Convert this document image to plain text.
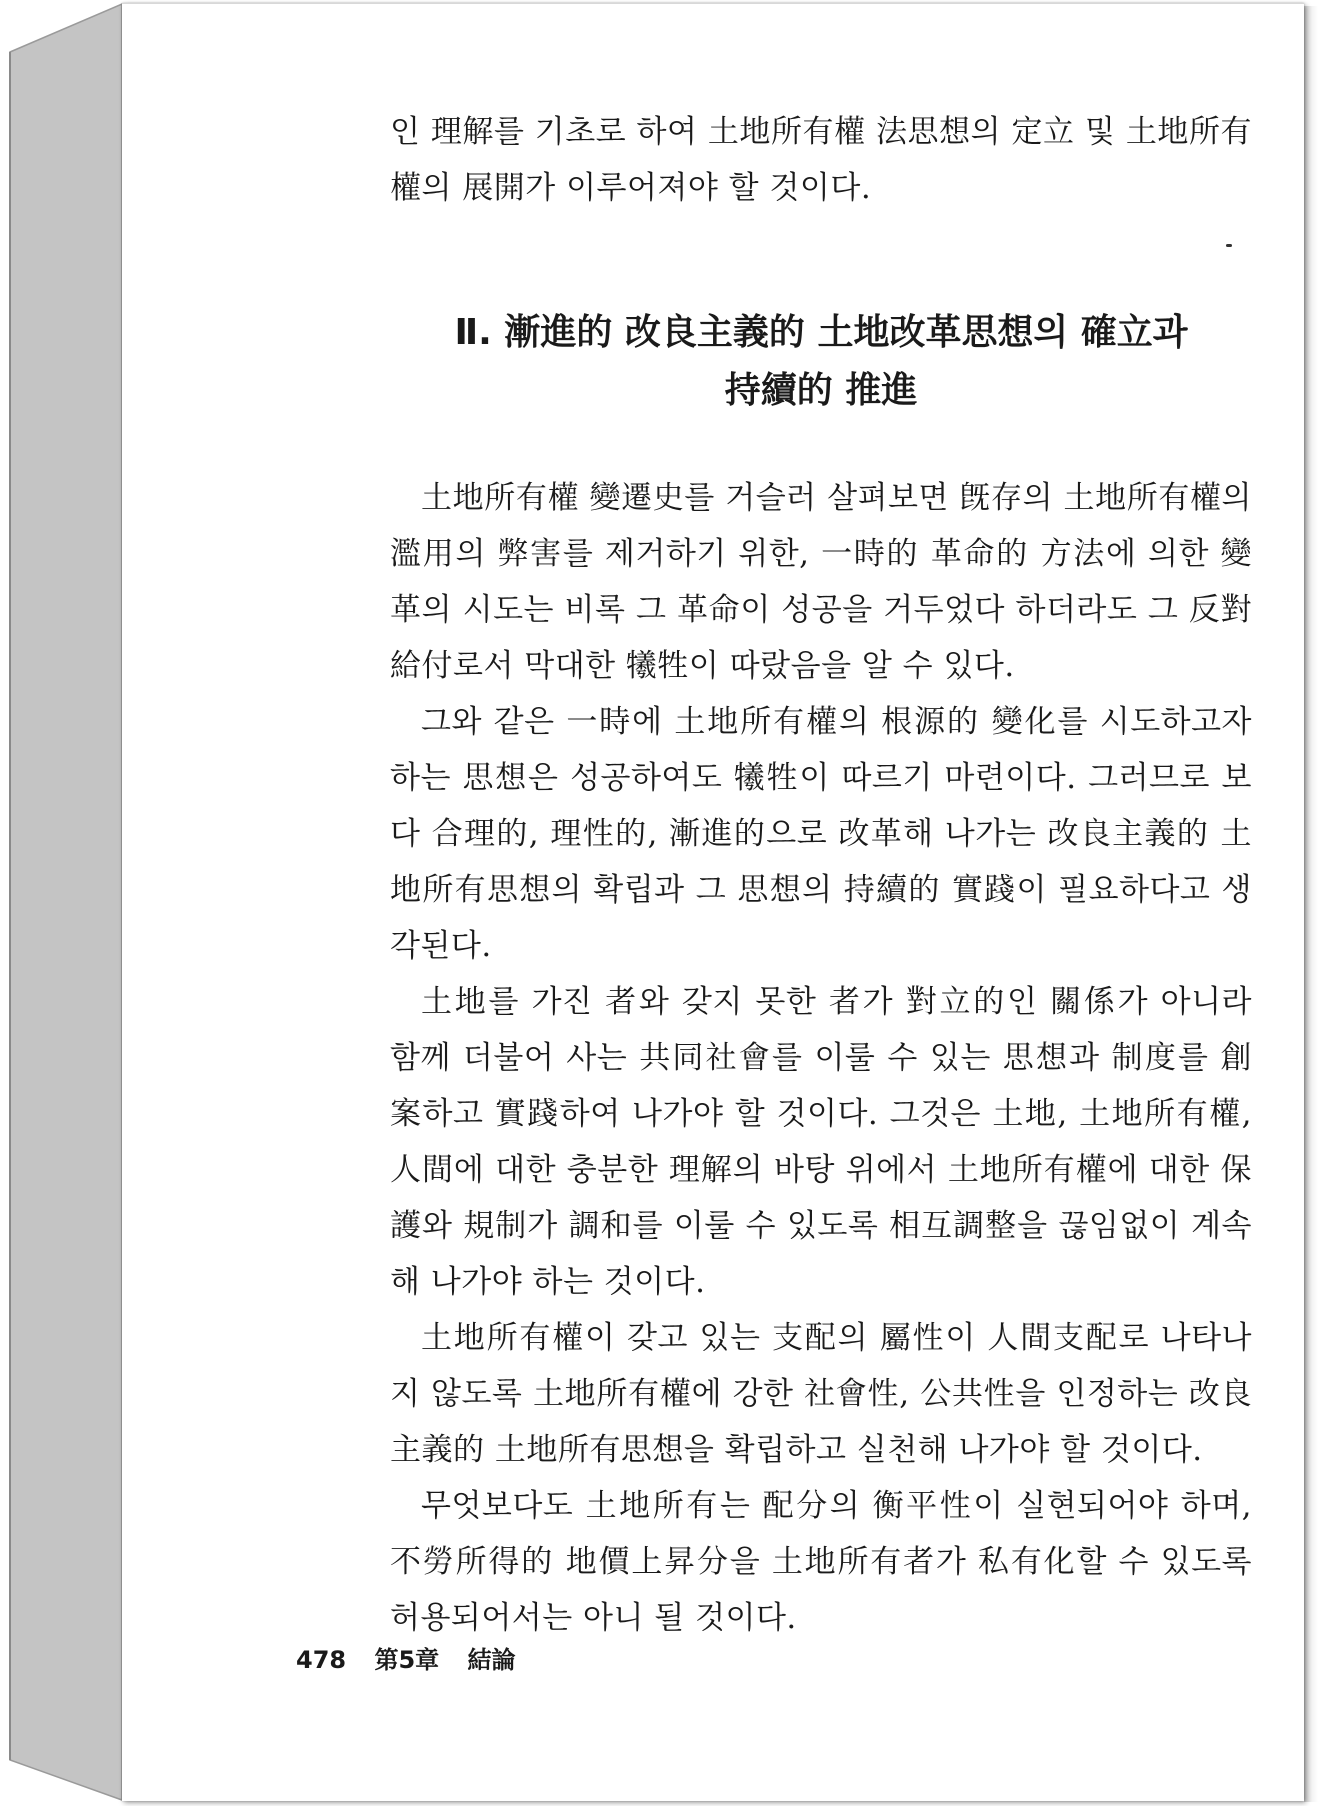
인 理解를 기초로 하여 土地所有權 法思想의 定立 및 土地所有權의 展開가 이루어져야 할 것이다.

Ⅱ. 漸進的 改良主義的 土地改革思想의 確立과
持續的 推進

土地所有權 變遷史를 거슬러 살펴보면 旣存의 土地所有權의 濫用의 弊害를 제거하기 위한, 一時的 革命的 方法에 의한 變革의 시도는 비록 그 革命이 성공을 거두었다 하더라도 그 反對給付로서 막대한 犧牲이 따랐음을 알 수 있다.

그와 같은 一時에 土地所有權의 根源的 變化를 시도하고자 하는 思想은 성공하여도 犧牲이 따르기 마련이다. 그러므로 보다 合理的, 理性的, 漸進的으로 改革해 나가는 改良主義的 土地所有思想의 확립과 그 思想의 持續的 實踐이 필요하다고 생각된다.

土地를 가진 者와 갖지 못한 者가 對立的인 關係가 아니라 함께 더불어 사는 共同社會를 이룰 수 있는 思想과 制度를 創案하고 實踐하여 나가야 할 것이다. 그것은 土地, 土地所有權, 人間에 대한 충분한 理解의 바탕 위에서 土地所有權에 대한 保護와 規制가 調和를 이룰 수 있도록 相互調整을 끊임없이 계속해 나가야 하는 것이다.

土地所有權이 갖고 있는 支配의 屬性이 人間支配로 나타나지 않도록 土地所有權에 강한 社會性, 公共性을 인정하는 改良主義的 土地所有思想을 확립하고 실천해 나가야 할 것이다.

무엇보다도 土地所有는 配分의 衡平性이 실현되어야 하며, 不勞所得的 地價上昇分을 土地所有者가 私有化할 수 있도록 허용되어서는 아니 될 것이다.

478 第5章 結論
